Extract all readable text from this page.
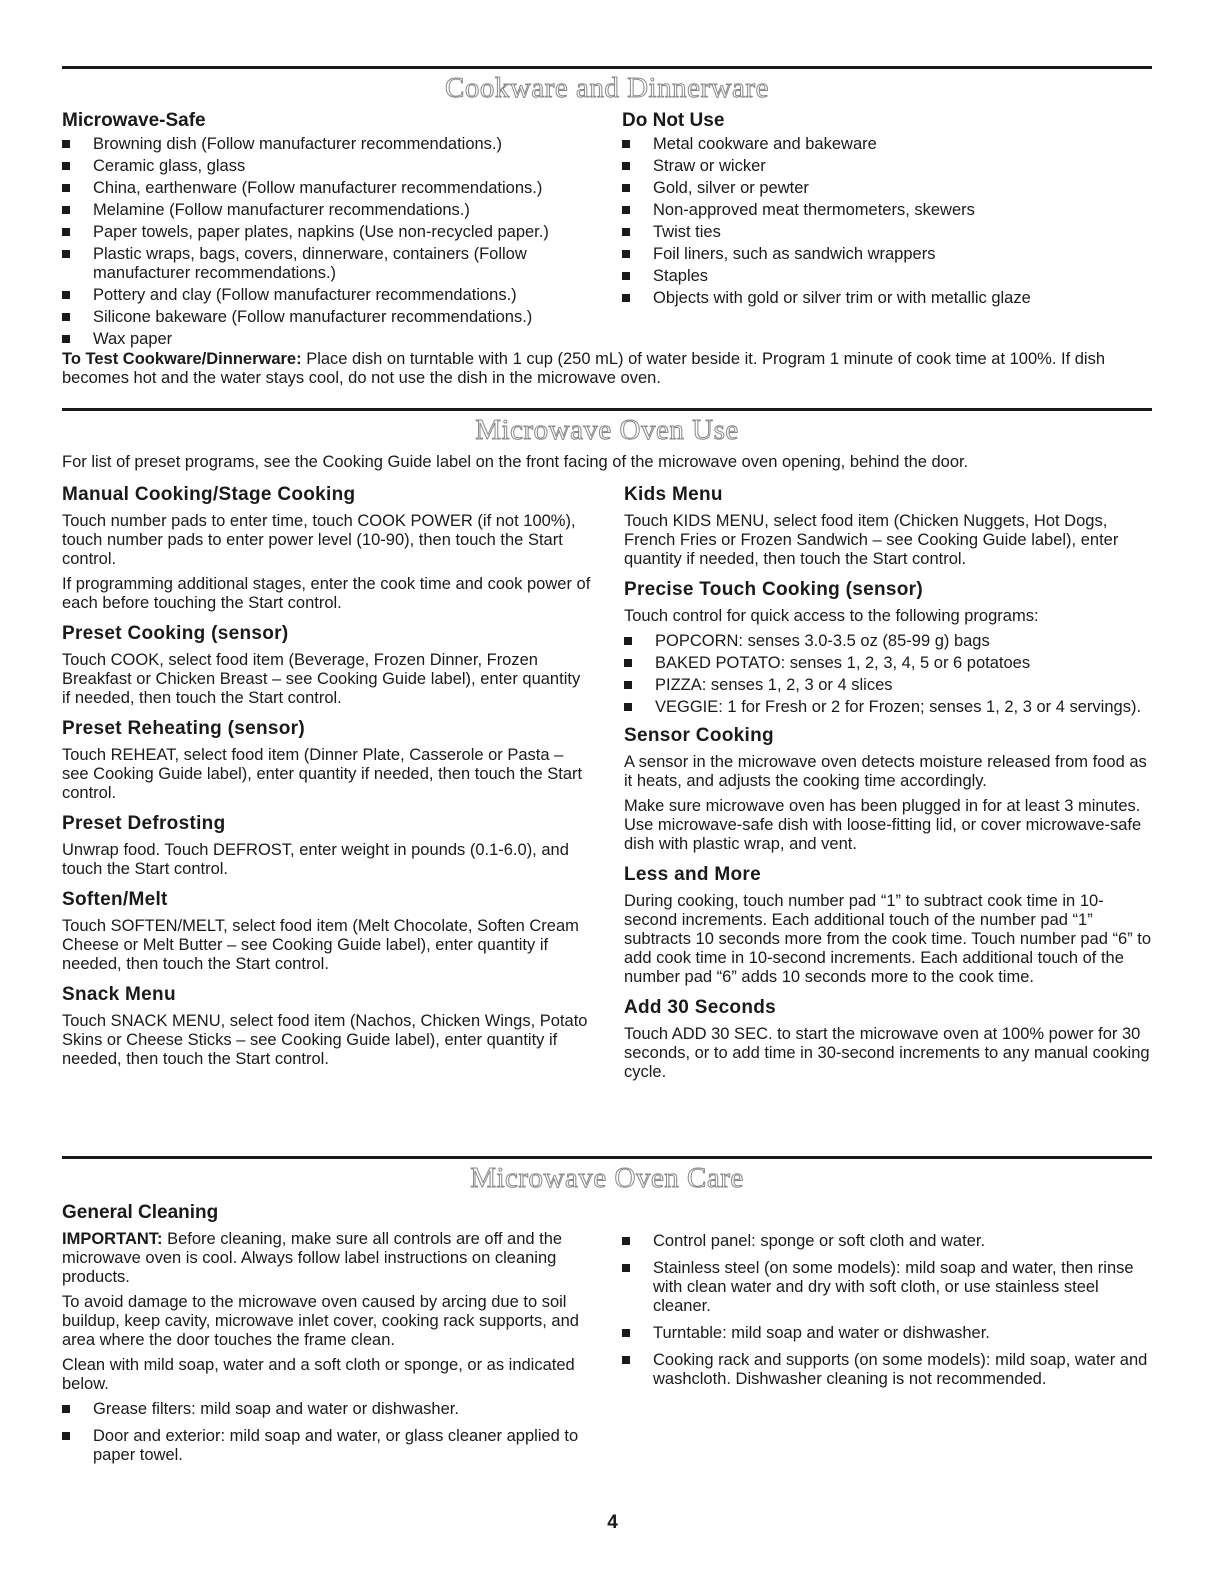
Cookware and Dinnerware
Microwave-Safe
Browning dish (Follow manufacturer recommendations.)
Ceramic glass, glass
China, earthenware (Follow manufacturer recommendations.)
Melamine (Follow manufacturer recommendations.)
Paper towels, paper plates, napkins (Use non-recycled paper.)
Plastic wraps, bags, covers, dinnerware, containers (Follow manufacturer recommendations.)
Pottery and clay (Follow manufacturer recommendations.)
Silicone bakeware (Follow manufacturer recommendations.)
Wax paper
Do Not Use
Metal cookware and bakeware
Straw or wicker
Gold, silver or pewter
Non-approved meat thermometers, skewers
Twist ties
Foil liners, such as sandwich wrappers
Staples
Objects with gold or silver trim or with metallic glaze
To Test Cookware/Dinnerware: Place dish on turntable with 1 cup (250 mL) of water beside it. Program 1 minute of cook time at 100%. If dish becomes hot and the water stays cool, do not use the dish in the microwave oven.
Microwave Oven Use
For list of preset programs, see the Cooking Guide label on the front facing of the microwave oven opening, behind the door.
Manual Cooking/Stage Cooking
Touch number pads to enter time, touch COOK POWER (if not 100%), touch number pads to enter power level (10-90), then touch the Start control.
If programming additional stages, enter the cook time and cook power of each before touching the Start control.
Preset Cooking (sensor)
Touch COOK, select food item (Beverage, Frozen Dinner, Frozen Breakfast or Chicken Breast – see Cooking Guide label), enter quantity if needed, then touch the Start control.
Preset Reheating (sensor)
Touch REHEAT, select food item (Dinner Plate, Casserole or Pasta – see Cooking Guide label), enter quantity if needed, then touch the Start control.
Preset Defrosting
Unwrap food. Touch DEFROST, enter weight in pounds (0.1-6.0), and touch the Start control.
Soften/Melt
Touch SOFTEN/MELT, select food item (Melt Chocolate, Soften Cream Cheese or Melt Butter – see Cooking Guide label), enter quantity if needed, then touch the Start control.
Snack Menu
Touch SNACK MENU, select food item (Nachos, Chicken Wings, Potato Skins or Cheese Sticks – see Cooking Guide label), enter quantity if needed, then touch the Start control.
Kids Menu
Touch KIDS MENU, select food item (Chicken Nuggets, Hot Dogs, French Fries or Frozen Sandwich – see Cooking Guide label), enter quantity if needed, then touch the Start control.
Precise Touch Cooking (sensor)
Touch control for quick access to the following programs:
POPCORN: senses 3.0-3.5 oz (85-99 g) bags
BAKED POTATO: senses 1, 2, 3, 4, 5 or 6 potatoes
PIZZA: senses 1, 2, 3 or 4 slices
VEGGIE: 1 for Fresh or 2 for Frozen; senses 1, 2, 3 or 4 servings).
Sensor Cooking
A sensor in the microwave oven detects moisture released from food as it heats, and adjusts the cooking time accordingly.
Make sure microwave oven has been plugged in for at least 3 minutes. Use microwave-safe dish with loose-fitting lid, or cover microwave-safe dish with plastic wrap, and vent.
Less and More
During cooking, touch number pad “1” to subtract cook time in 10-second increments. Each additional touch of the number pad “1” subtracts 10 seconds more from the cook time. Touch number pad “6” to add cook time in 10-second increments. Each additional touch of the number pad “6” adds 10 seconds more to the cook time.
Add 30 Seconds
Touch ADD 30 SEC. to start the microwave oven at 100% power for 30 seconds, or to add time in 30-second increments to any manual cooking cycle.
Microwave Oven Care
General Cleaning
IMPORTANT: Before cleaning, make sure all controls are off and the microwave oven is cool. Always follow label instructions on cleaning products.
To avoid damage to the microwave oven caused by arcing due to soil buildup, keep cavity, microwave inlet cover, cooking rack supports, and area where the door touches the frame clean.
Clean with mild soap, water and a soft cloth or sponge, or as indicated below.
Grease filters: mild soap and water or dishwasher.
Door and exterior: mild soap and water, or glass cleaner applied to paper towel.
Control panel: sponge or soft cloth and water.
Stainless steel (on some models): mild soap and water, then rinse with clean water and dry with soft cloth, or use stainless steel cleaner.
Turntable: mild soap and water or dishwasher.
Cooking rack and supports (on some models): mild soap, water and washcloth. Dishwasher cleaning is not recommended.
4
